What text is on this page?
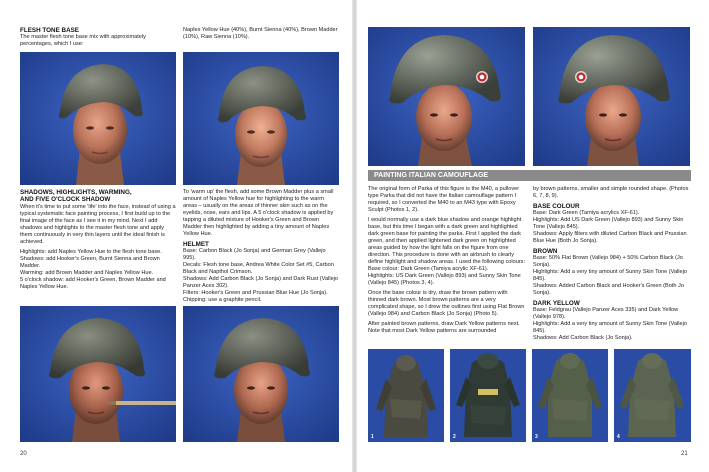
FLESH TONE BASE

The master flesh tone base mix with approximately percentages, which I use:

Naples Yellow Hue (40%), Burnt Sienna (40%), Brown Madder (10%), Raw Sienna (10%).

SHADOWS, HIGHLIGHTS, WARMING,
AND FIVE O'CLOCK SHADOW

When it's time to put some 'life' into the face, instead of using a typical systematic face painting process, I first build up to the final image of the face as I see it in my mind. Next I add shadows and highlights to the master flesh tone and apply them continuously in very thin layers until the ideal finish is achieved.

Highlights: add Naples Yellow Hue to the flesh tone base.
Shadows: add Hooker's Green, Burnt Sienna and Brown Madder.
Warming: add Brown Madder and Naples Yellow Hue.
5 o'clock shadow: add Hooker's Green, Brown Madder and Naples Yellow Hue.

To 'warm up' the flesh, add some Brown Madder plus a small amount of Naples Yellow hue for highlighting to the warm areas – usually on the areas of thinner skin such as on the eyelids, nose, ears and lips. A 5 o'clock shadow is applied by tapping a diluted mixture of Hooker's Green and Brown Madder then highlighted by adding a tiny amount of Naples Yellow Hue.

HELMET
Base: Carbon Black (Jo Sonja) and German Grey (Vallejo 995).
Decals: Flesh tone base, Andrea White Color Set #5, Carbon Black and Napthol Crimson.
Shadows: Add Carbon Black (Jo Sonja) and Dark Rust (Vallejo Panzer Aces 302).
Filters: Hooker's Green and Prussian Blue Hue (Jo Sonja).
Chipping: use a graphite pencil.
20
PAINTING ITALIAN CAMOUFLAGE

The original form of Parka of this figure is the M40, a pullover type Parka that did not have the Italian camouflage pattern I required, so I converted the M40 to an M43 type with Epoxy Sculpt (Photos 1, 2).

I would normally use a dark blue shadow and orange highlight base, but this time I began with a dark green and highlighted dark green base for painting the parka. First I applied the dark green, and then applied lightened dark green on highlighted areas guided by how the light falls on the figure from one direction. This procedure is done with an airbrush to clearly define highlight and shadow areas. I used the following colours:

Base colour: Dark Green (Tamiya acrylic XF-61).

Highlights: US Dark Green (Vallejo 893) and Sunny Skin Tone (Vallejo 845) (Photos 3, 4).

Once the base colour is dry, draw the brown pattern with thinned dark brown. Most brown patterns are a very complicated shape, so I drew the outlines first using Flat Brown (Vallejo 984) and Carbon Black (Jo Sonja) (Photo 5).

After painted brown patterns, draw Dark Yellow patterns next. Note that most Dark Yellow patterns are surrounded

by brown patterns, smaller and simple rounded shape. (Photos 6, 7, 8, 9).

BASE COLOUR
Base: Dark Green (Tamiya acrylics XF-61).
Highlights: Add US Dark Green (Vallejo 893) and Sunny Skin Tone (Vallejo 845).

Shadows: Apply filters with diluted Carbon Black and Prussian Blue Hue (Both Jo Sonja).

BROWN
Base: 50% Flat Brown (Vallejo 984) + 50% Carbon Black (Jo Sonja).
Highlights: Add a very tiny amount of Sunny Skin Tone (Vallejo 845).

Shadows: Added Carbon Black and Hooker's Green (Both Jo Sonja).

DARK YELLOW
Base: Feldgrau (Vallejo Panzer Aces 335) and Dark Yellow (Vallejo 978).
Highlights: Add a very tiny amount of Sunny Skin Tone (Vallejo 845).
Shadows: Add Carbon Black (Jo Sonja).
1	2	3	4
21
